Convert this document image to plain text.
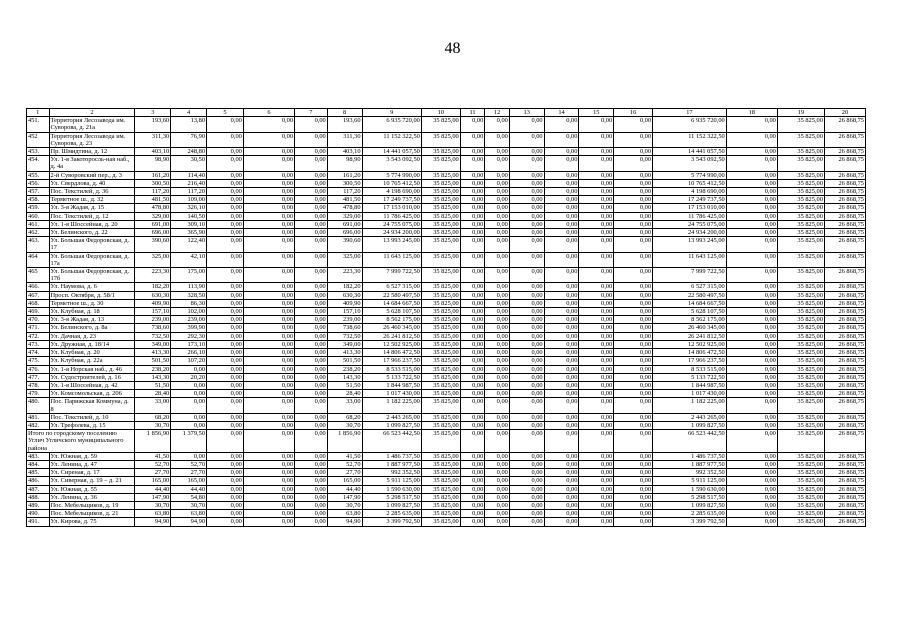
48
1	2	3	4	5	6	7	8	9	10	11	12	13	14	15	16	17	18	19	20
451.	Территория Лесозавода им. Суворова, д. 21а	193,60	13,80	0,00	0,00	0,00	193,60	6 935 720,00	35 825,00	0,00	0,00	0,00	0,00	0,00	0,00	6 935 720,00	0,00	35 825,00	26 868,75
452	Территория Лесозавода им. Суворова, д. 23	311,30	76,90	0,00	0,00	0,00	311,30	11 152 322,50	35 825,00	0,00	0,00	0,00	0,00	0,00	0,00	11 152 322,50	0,00	35 825,00	26 868,75
453.	Пр. Шмидтина, д. 12	403,10	248,80	0,00	0,00	0,00	403,10	14 441 057,50	35 825,00	0,00	0,00	0,00	0,00	0,00	0,00	14 441 057,50	0,00	35 825,00	26 868,75
454.	Ул. 1-я Закоторосль-ная наб., д. 4а	98,90	30,50	0,00	0,00	0,00	98,90	3 543 092,50	35 825,00	0,00	0,00	0,00	0,00	0,00	0,00	3 543 092,50	0,00	35 825,00	26 868,75
455.	2-й Суворовский пер., д. 3	161,20	114,40	0,00	0,00	0,00	161,20	5 774 990,00	35 825,00	0,00	0,00	0,00	0,00	0,00	0,00	5 774 990,00	0,00	35 825,00	26 868,75
456.	Ул. Свердлова, д. 40	300,50	216,40	0,00	0,00	0,00	300,50	10 765 412,50	35 825,00	0,00	0,00	0,00	0,00	0,00	0,00	10 765 412,50	0,00	35 825,00	26 868,75
457.	Пос. Текстилей, д. 36	117,20	117,20	0,00	0,00	0,00	117,20	4 198 690,00	35 825,00	0,00	0,00	0,00	0,00	0,00	0,00	4 198 690,00	0,00	35 825,00	26 868,75
458.	Терметное ш., д. 32	481,50	109,00	0,00	0,00	0,00	481,50	17 249 737,50	35 825,00	0,00	0,00	0,00	0,00	0,00	0,00	17 249 737,50	0,00	35 825,00	26 868,75
459.	Ул. 3-я Жадая, д. 15	478,80	326,10	0,00	0,00	0,00	478,80	17 153 010,00	35 825,00	0,00	0,00	0,00	0,00	0,00	0,00	17 153 010,00	0,00	35 825,00	26 868,75
460.	Пос. Текстилей, д. 12	329,00	140,50	0,00	0,00	0,00	329,00	11 786 425,00	35 825,00	0,00	0,00	0,00	0,00	0,00	0,00	11 786 425,00	0,00	35 825,00	26 868,75
461.	Ул. 1-я Шоссейная, д. 20	691,00	309,10	0,00	0,00	0,00	691,00	24 755 075,00	35 825,00	0,00	0,00	0,00	0,00	0,00	0,00	24 755 075,00	0,00	35 825,00	26 868,75
462.	Ул. Белинского, д. 22	696,00	365,90	0,00	0,00	0,00	696,00	24 934 200,00	35 825,00	0,00	0,00	0,00	0,00	0,00	0,00	24 934 200,00	0,00	35 825,00	26 868,75
463.	Ул. Большая Федоровская, д. 17	390,60	122,40	0,00	0,00	0,00	390,60	13 993 245,00	35 825,00	0,00	0,00	0,00	0,00	0,00	0,00	13 993 245,00	0,00	35 825,00	26 868,75
464	Ул. Большая Федоровская, д. 17а	325,00	42,10	0,00	0,00	0,00	325,00	11 643 125,00	35 825,00	0,00	0,00	0,00	0,00	0,00	0,00	11 643 125,00	0,00	35 825,00	26 868,75
465	Ул. Большая Федоровская, д. 17б	223,30	175,00	0,00	0,00	0,00	223,30	7 999 722,50	35 825,00	0,00	0,00	0,00	0,00	0,00	0,00	7 999 722,50	0,00	35 825,00	26 868,75
466.	Ул. Наумова, д. 6	182,20	113,90	0,00	0,00	0,00	182,20	6 527 315,00	35 825,00	0,00	0,00	0,00	0,00	0,00	0,00	6 527 315,00	0,00	35 825,00	26 868,75
467.	Просп. Октября, д. 58/1	630,30	328,50	0,00	0,00	0,00	630,30	22 580 497,50	35 825,00	0,00	0,00	0,00	0,00	0,00	0,00	22 580 497,50	0,00	35 825,00	26 868,75
468.	Терметное ш., д. 30	409,90	86,30	0,00	0,00	0,00	409,90	14 684 667,50	35 825,00	0,00	0,00	0,00	0,00	0,00	0,00	14 684 667,50	0,00	35 825,00	26 868,75
469.	Ул. Клубная, д. 18	157,10	102,00	0,00	0,00	0,00	157,10	5 628 107,50	35 825,00	0,00	0,00	0,00	0,00	0,00	0,00	5 628 107,50	0,00	35 825,00	26 868,75
470.	Ул. 3-я Жадая, д. 13	239,00	239,00	0,00	0,00	0,00	239,00	8 562 175,00	35 825,00	0,00	0,00	0,00	0,00	0,00	0,00	8 562 175,00	0,00	35 825,00	26 868,75
471.	Ул. Белинского, д. 8а	738,60	399,90	0,00	0,00	0,00	738,60	26 460 345,00	35 825,00	0,00	0,00	0,00	0,00	0,00	0,00	26 460 345,00	0,00	35 825,00	26 868,75
472.	Ул. Дачная, д. 23	732,50	292,30	0,00	0,00	0,00	732,50	26 241 812,50	35 825,00	0,00	0,00	0,00	0,00	0,00	0,00	26 241 812,50	0,00	35 825,00	26 868,75
473.	Ул. Дружная, д. 18/14	349,00	173,10	0,00	0,00	0,00	349,00	12 502 925,00	35 825,00	0,00	0,00	0,00	0,00	0,00	0,00	12 502 925,00	0,00	35 825,00	26 868,75
474.	Ул. Клубная, д. 20	413,30	266,10	0,00	0,00	0,00	413,30	14 806 472,50	35 825,00	0,00	0,00	0,00	0,00	0,00	0,00	14 806 472,50	0,00	35 825,00	26 868,75
475.	Ул. Клубная, д. 22а	501,50	107,20	0,00	0,00	0,00	501,50	17 966 237,50	35 825,00	0,00	0,00	0,00	0,00	0,00	0,00	17 966 237,50	0,00	35 825,00	26 868,75
476.	Ул. 1-я Норская наб., д. 46	238,20	0,00	0,00	0,00	0,00	238,20	8 533 515,00	35 825,00	0,00	0,00	0,00	0,00	0,00	0,00	8 533 515,00	0,00	35 825,00	26 868,75
477.	Ул. Судостроителей, д. 16	143,30	20,20	0,00	0,00	0,00	143,30	5 133 722,50	35 825,00	0,00	0,00	0,00	0,00	0,00	0,00	5 133 722,50	0,00	35 825,00	26 868,75
478.	Ул. 1-я Шоссейная, д. 42	51,50	0,00	0,00	0,00	0,00	51,50	1 844 987,50	35 825,00	0,00	0,00	0,00	0,00	0,00	0,00	1 844 987,50	0,00	35 825,00	26 868,75
479.	Ул. Комсомольская, д. 206	28,40	0,00	0,00	0,00	0,00	28,40	1 017 430,00	35 825,00	0,00	0,00	0,00	0,00	0,00	0,00	1 017 430,00	0,00	35 825,00	26 868,75
480.	Пос. Парижская Коммуна, д. 8	33,00	0,00	0,00	0,00	0,00	33,00	1 182 225,00	35 825,00	0,00	0,00	0,00	0,00	0,00	0,00	1 182 225,00	0,00	35 825,00	26 868,75
481.	Пос. Текстилей, д. 10	68,20	0,00	0,00	0,00	0,00	68,20	2 443 265,00	35 825,00	0,00	0,00	0,00	0,00	0,00	0,00	2 443 265,00	0,00	35 825,00	26 868,75
482.	Ул. Трефолева, д. 15	30,70	0,00	0,00	0,00	0,00	30,70	1 099 827,50	35 825,00	0,00	0,00	0,00	0,00	0,00	0,00	1 099 827,50	0,00	35 825,00	26 868,75
Итого по городскому поселению Углич Угличского муниципального района		1 856,90	1 379,50	0,00	0,00	0,00	1 856,90	66 523 442,50	35 825,00	0,00	0,00	0,00	0,00	0,00	0,00	66 523 442,50	0,00	35 825,00	26 868,75
483.	Ул. Южная, д. 59	41,50	0,00	0,00	0,00	0,00	41,50	1 486 737,50	35 825,00	0,00	0,00	0,00	0,00	0,00	0,00	1 486 737,50	0,00	35 825,00	26 868,75
484.	Ул. Ленина, д. 47	52,70	52,70	0,00	0,00	0,00	52,70	1 887 977,50	35 825,00	0,00	0,00	0,00	0,00	0,00	0,00	1 887 977,50	0,00	35 825,00	26 868,75
485.	Ул. Сиреная, д. 17	27,70	27,70	0,00	0,00	0,00	27,70	992 352,50	35 825,00	0,00	0,00	0,00	0,00	0,00	0,00	992 352,50	0,00	35 825,00	26 868,75
486.	Ул. Сиверная, д. 19 – д. 21	165,00	165,00	0,00	0,00	0,00	165,00	5 911 125,00	35 825,00	0,00	0,00	0,00	0,00	0,00	0,00	5 911 125,00	0,00	35 825,00	26 868,75
487.	Ул. Южная, д. 55	44,40	44,40	0,00	0,00	0,00	44,40	1 590 630,00	35 825,00	0,00	0,00	0,00	0,00	0,00	0,00	1 590 630,00	0,00	35 825,00	26 868,75
488.	Ул. Ленина, д. 36	147,90	54,80	0,00	0,00	0,00	147,90	5 298 517,50	35 825,00	0,00	0,00	0,00	0,00	0,00	0,00	5 298 517,50	0,00	35 825,00	26 868,75
489.	Пос. Мебельщиков, д. 19	30,70	30,70	0,00	0,00	0,00	30,70	1 099 827,50	35 825,00	0,00	0,00	0,00	0,00	0,00	0,00	1 099 827,50	0,00	35 825,00	26 868,75
490.	Пос. Мебельщиков, д. 21	63,80	63,80	0,00	0,00	0,00	63,80	2 285 635,00	35 825,00	0,00	0,00	0,00	0,00	0,00	0,00	2 285 635,00	0,00	35 825,00	26 868,75
491.	Ул. Кирова, д. 75	94,90	94,90	0,00	0,00	0,00	94,90	3 399 792,50	35 825,00	0,00	0,00	0,00	0,00	0,00	0,00	3 399 792,50	0,00	35 825,00	26 868,75
